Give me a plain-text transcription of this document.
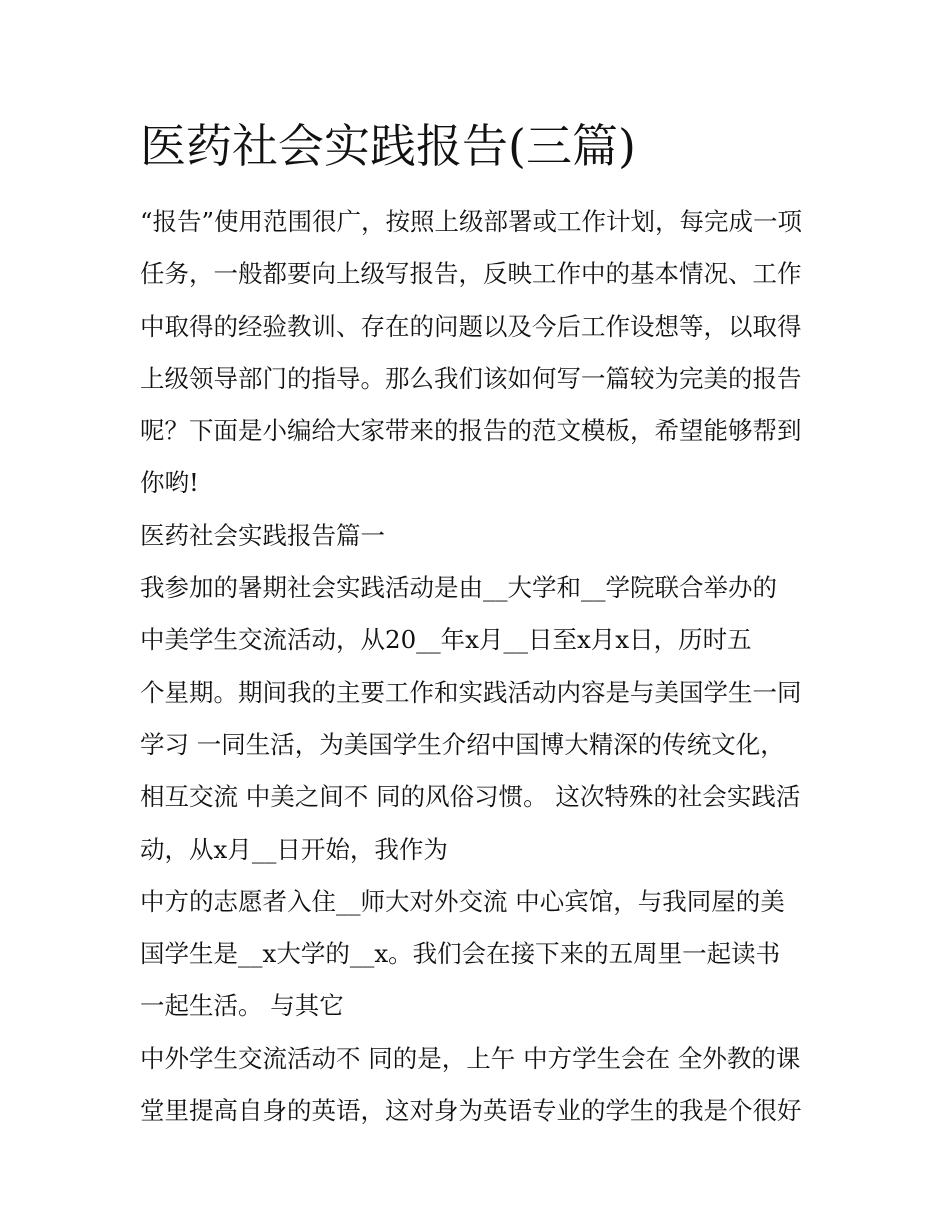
医药社会实践报告(三篇)
“报告”使用范围很广，按照上级部署或工作计划，每完成一项
任务，一般都要向上级写报告，反映工作中的基本情况、工作
中取得的经验教训、存在的问题以及今后工作设想等，以取得
上级领导部门的指导。那么我们该如何写一篇较为完美的报告
呢？下面是小编给大家带来的报告的范文模板，希望能够帮到
你哟!
医药社会实践报告篇一
我参加的暑期社会实践活动是由__大学和__学院联合举办的
中美学生交流活动，从20__年x月__日至x月x日，历时五
个星期。期间我的主要工作和实践活动内容是与美国学生一同
学习 一同生活，为美国学生介绍中国博大精深的传统文化，
相互交流 中美之间不 同的风俗习惯。 这次特殊的社会实践活
动，从x月__日开始，我作为
中方的志愿者入住__师大对外交流 中心宾馆，与我同屋的美
国学生是__x大学的__x。我们会在接下来的五周里一起读书
一起生活。 与其它
中外学生交流活动不 同的是，上午 中方学生会在 全外教的课
堂里提高自身的英语，这对身为英语专业的学生的我是个很好
